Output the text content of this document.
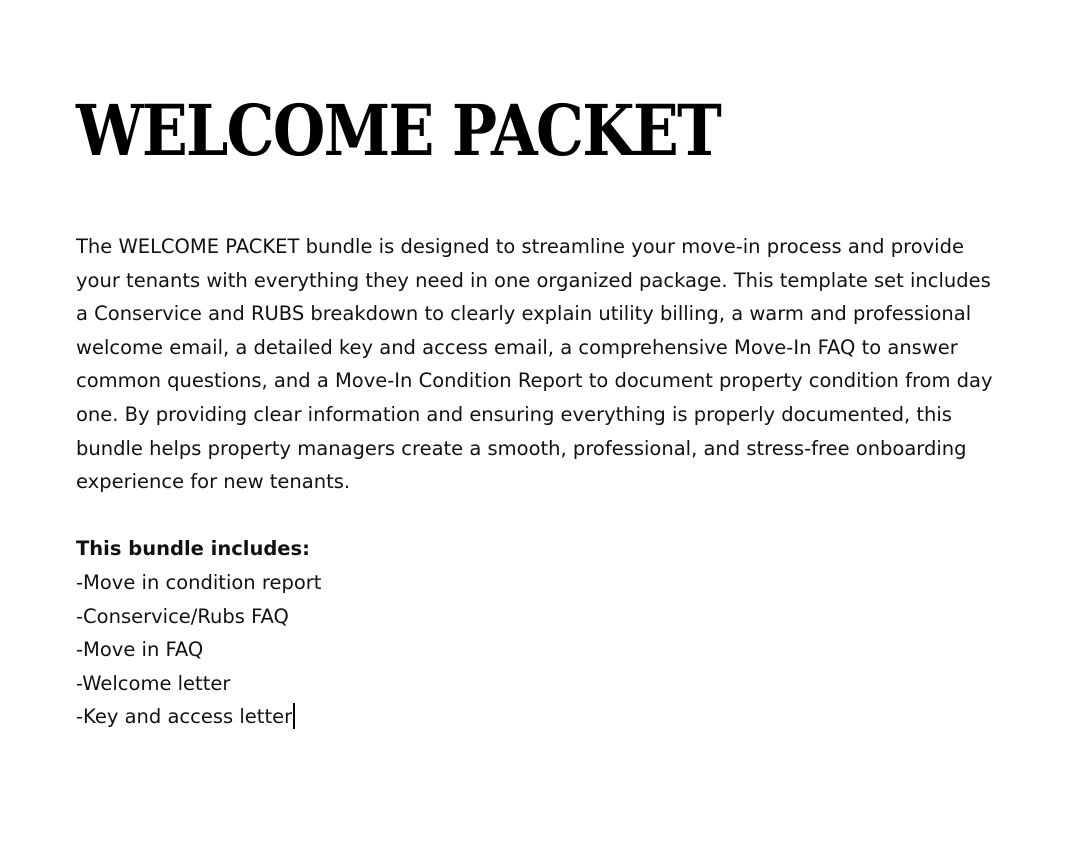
WELCOME PACKET

The WELCOME PACKET bundle is designed to streamline your move-in process and provide your tenants with everything they need in one organized package. This template set includes a Conservice and RUBS breakdown to clearly explain utility billing, a warm and professional welcome email, a detailed key and access email, a comprehensive Move-In FAQ to answer common questions, and a Move-In Condition Report to document property condition from day one. By providing clear information and ensuring everything is properly documented, this bundle helps property managers create a smooth, professional, and stress-free onboarding experience for new tenants.

This bundle includes:

-Move in condition report
-Conservice/Rubs FAQ
-Move in FAQ
-Welcome letter
-Key and access letter
